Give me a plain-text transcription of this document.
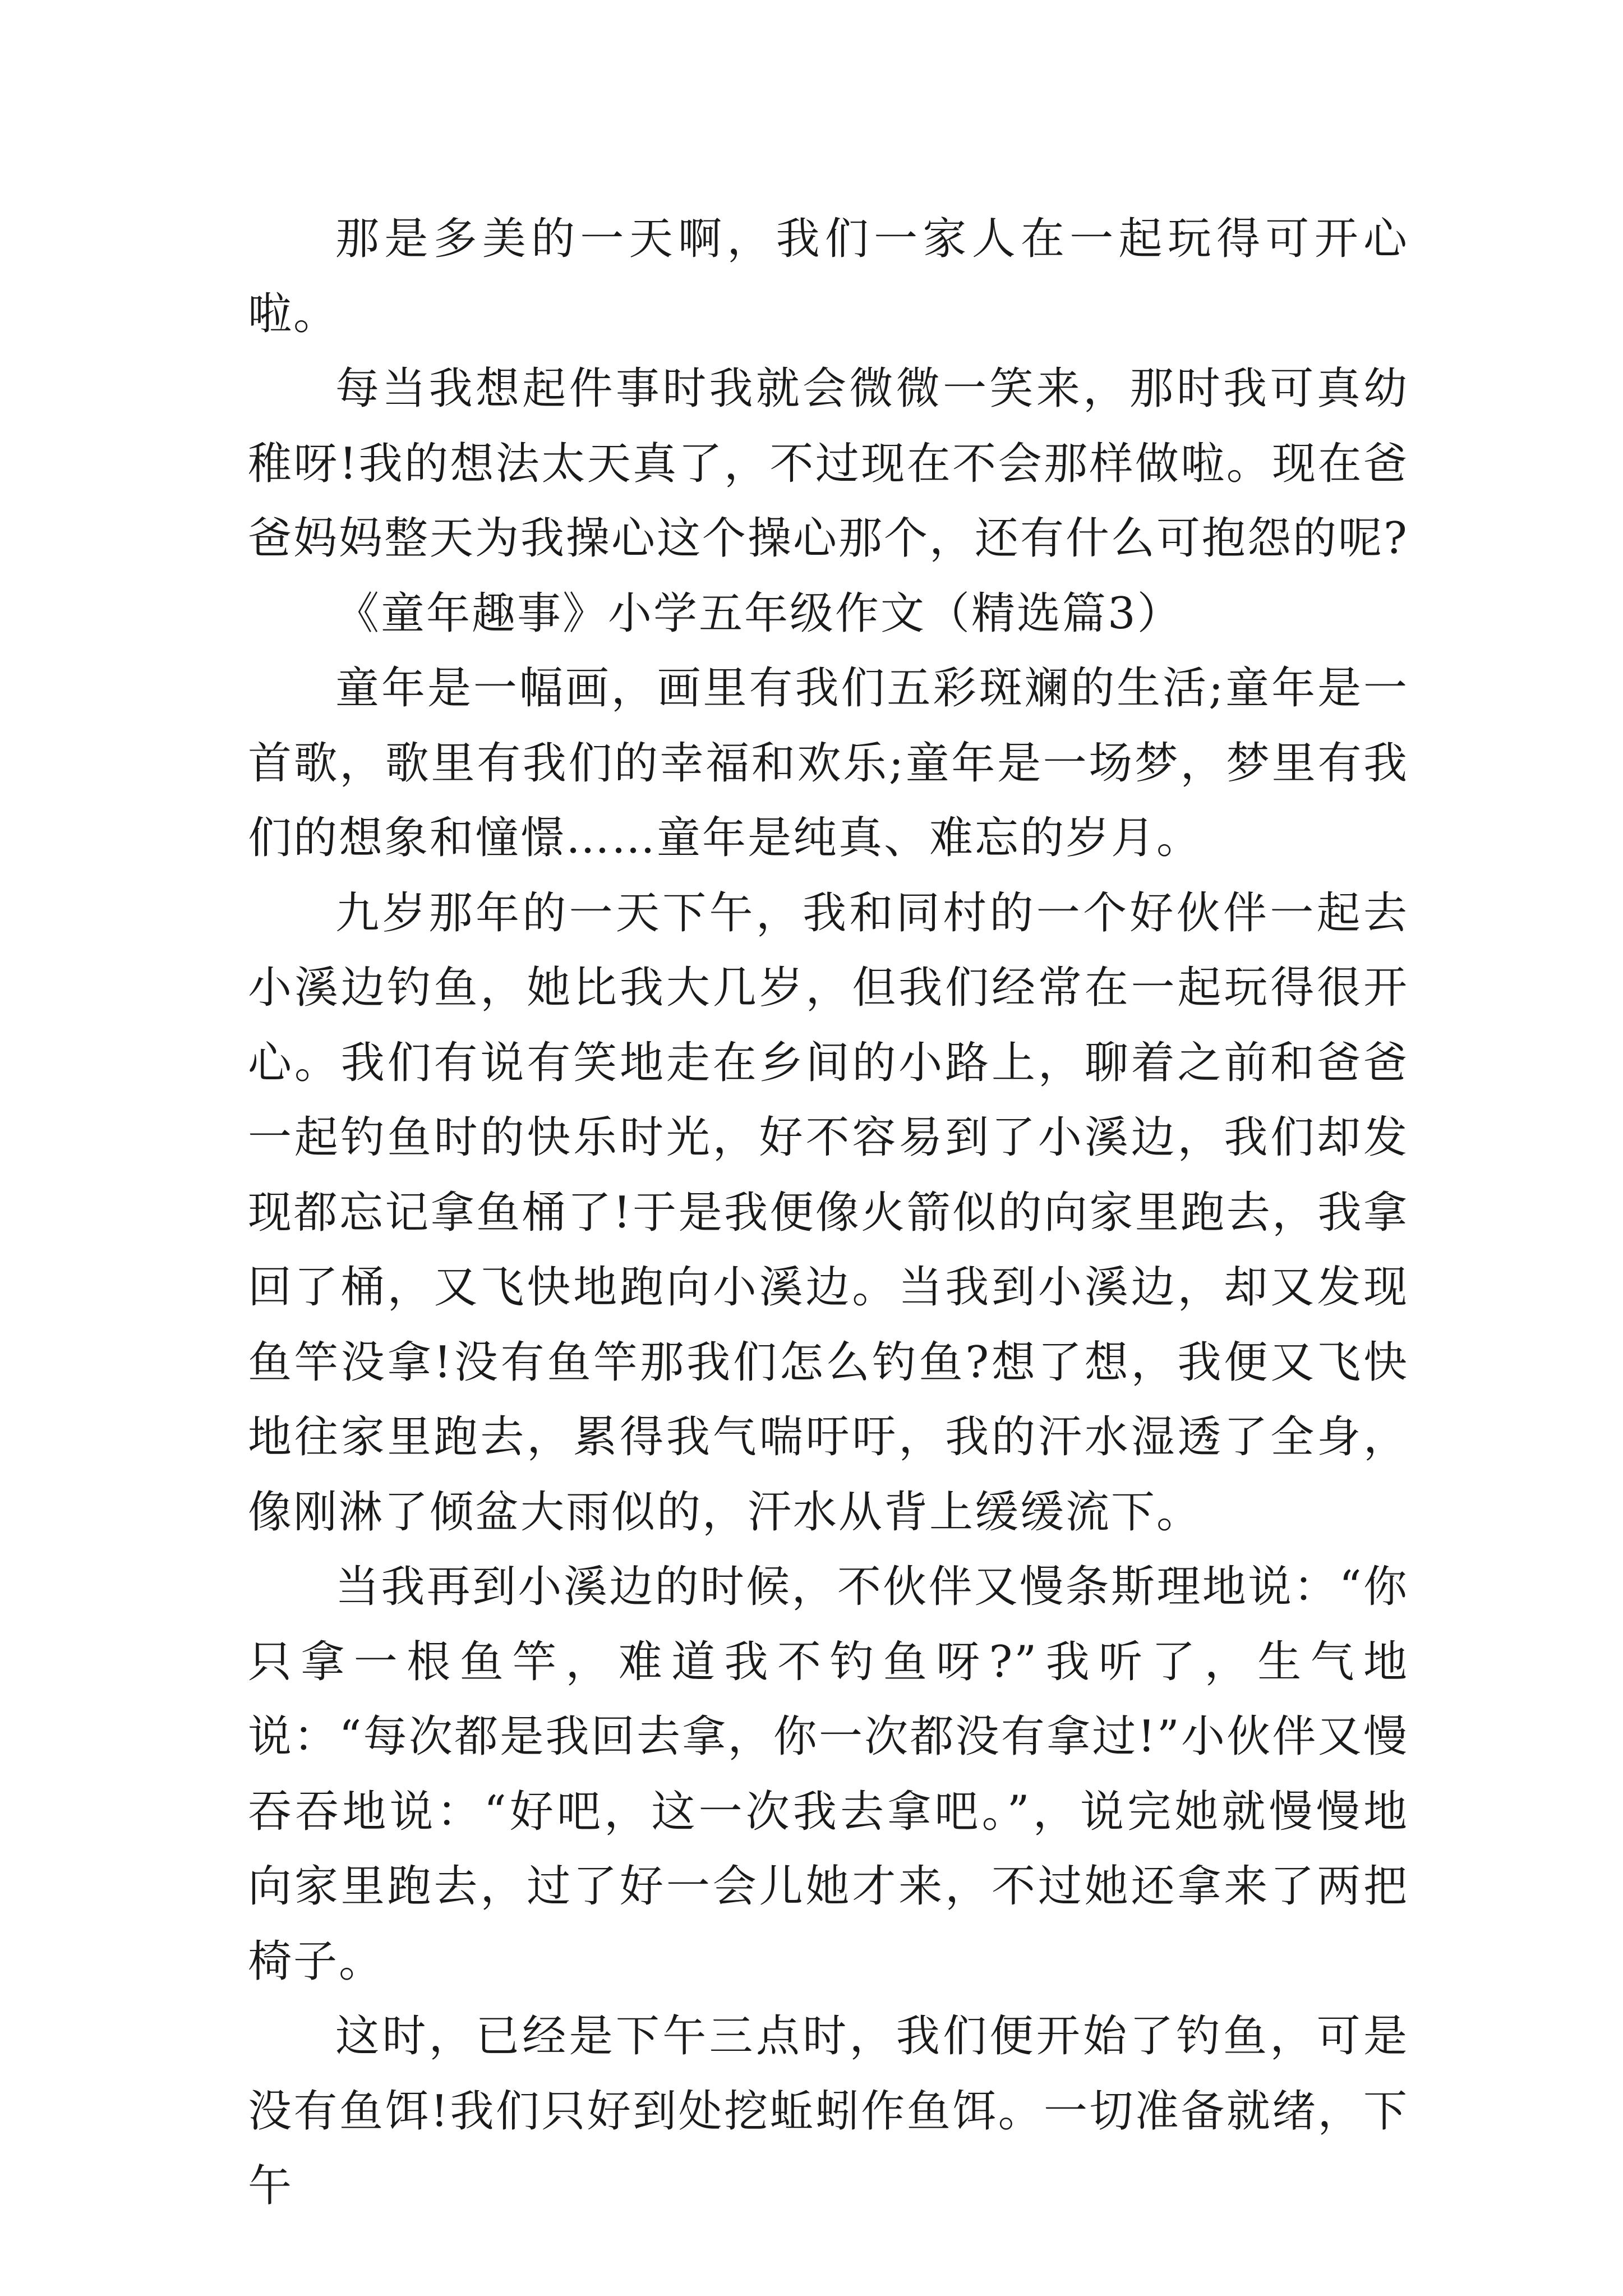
那是多美的一天啊，我们一家人在一起玩得可开心啦。

每当我想起件事时我就会微微一笑来，那时我可真幼稚呀!我的想法太天真了，不过现在不会那样做啦。现在爸爸妈妈整天为我操心这个操心那个，还有什么可抱怨的呢?

《童年趣事》小学五年级作文（精选篇3）

童年是一幅画，画里有我们五彩斑斓的生活;童年是一首歌，歌里有我们的幸福和欢乐;童年是一场梦，梦里有我们的想象和憧憬……童年是纯真、难忘的岁月。

九岁那年的一天下午，我和同村的一个好伙伴一起去小溪边钓鱼，她比我大几岁，但我们经常在一起玩得很开心。我们有说有笑地走在乡间的小路上，聊着之前和爸爸一起钓鱼时的快乐时光，好不容易到了小溪边，我们却发现都忘记拿鱼桶了!于是我便像火箭似的向家里跑去，我拿回了桶，又飞快地跑向小溪边。当我到小溪边，却又发现鱼竿没拿!没有鱼竿那我们怎么钓鱼?想了想，我便又飞快地往家里跑去，累得我气喘吁吁，我的汗水湿透了全身，像刚淋了倾盆大雨似的，汗水从背上缓缓流下。

当我再到小溪边的时候，不伙伴又慢条斯理地说：“你只拿一根鱼竿，难道我不钓鱼呀?”我听了，生气地说：“每次都是我回去拿，你一次都没有拿过!”小伙伴又慢吞吞地说：“好吧，这一次我去拿吧。”，说完她就慢慢地向家里跑去，过了好一会儿她才来，不过她还拿来了两把椅子。

这时，已经是下午三点时，我们便开始了钓鱼，可是没有鱼饵!我们只好到处挖蚯蚓作鱼饵。一切准备就绪，下午
